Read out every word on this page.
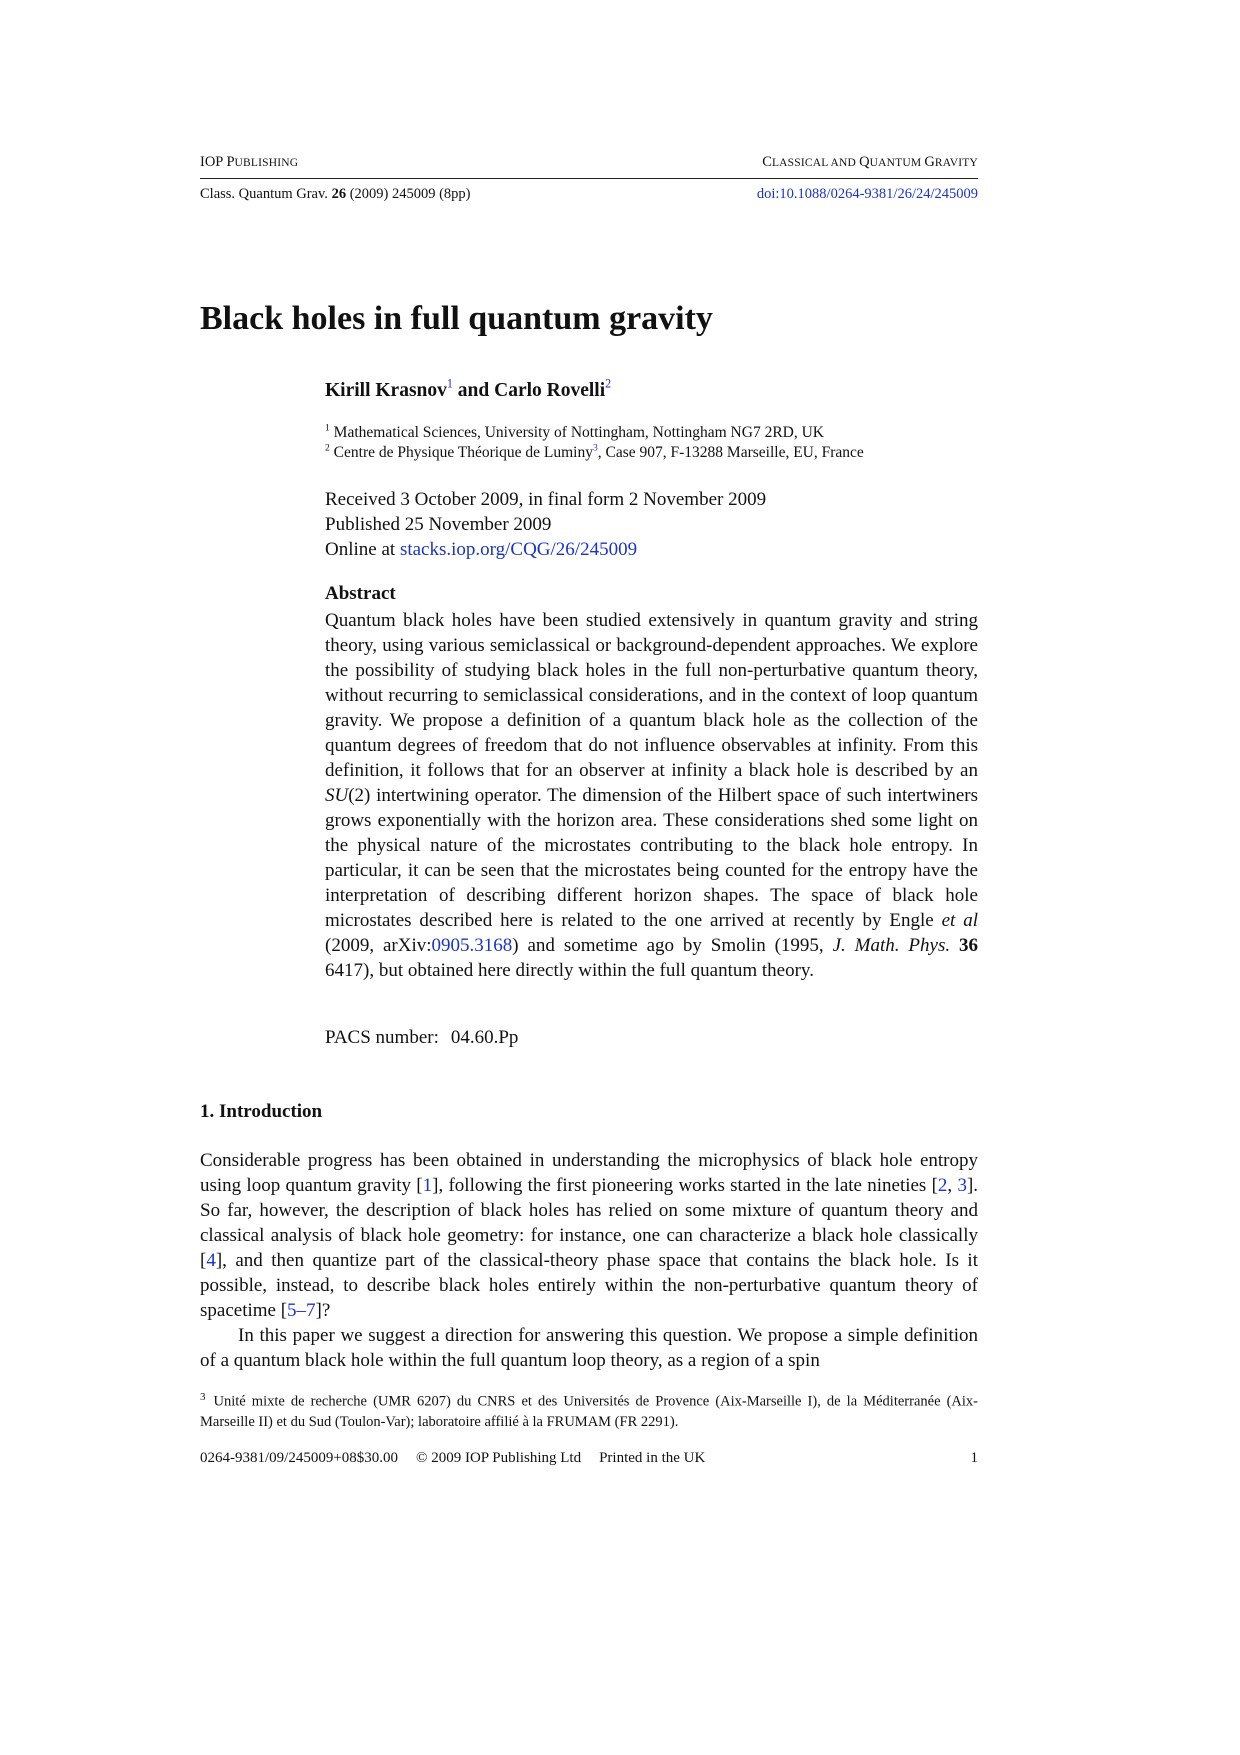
IOP PUBLISHING	CLASSICAL AND QUANTUM GRAVITY
Class. Quantum Grav. 26 (2009) 245009 (8pp)	doi:10.1088/0264-9381/26/24/245009
Black holes in full quantum gravity
Kirill Krasnov$^1$ and Carlo Rovelli$^2$
$^1$ Mathematical Sciences, University of Nottingham, Nottingham NG7 2RD, UK
$^2$ Centre de Physique Théorique de Luminy$^3$, Case 907, F-13288 Marseille, EU, France
Received 3 October 2009, in final form 2 November 2009
Published 25 November 2009
Online at stacks.iop.org/CQG/26/245009
Abstract
Quantum black holes have been studied extensively in quantum gravity and string theory, using various semiclassical or background-dependent approaches. We explore the possibility of studying black holes in the full non-perturbative quantum theory, without recurring to semiclassical considerations, and in the context of loop quantum gravity. We propose a definition of a quantum black hole as the collection of the quantum degrees of freedom that do not influence observables at infinity. From this definition, it follows that for an observer at infinity a black hole is described by an SU(2) intertwining operator. The dimension of the Hilbert space of such intertwiners grows exponentially with the horizon area. These considerations shed some light on the physical nature of the microstates contributing to the black hole entropy. In particular, it can be seen that the microstates being counted for the entropy have the interpretation of describing different horizon shapes. The space of black hole microstates described here is related to the one arrived at recently by Engle et al (2009, arXiv:0905.3168) and sometime ago by Smolin (1995, J. Math. Phys. 36 6417), but obtained here directly within the full quantum theory.
PACS number: 04.60.Pp
1. Introduction

Considerable progress has been obtained in understanding the microphysics of black hole entropy using loop quantum gravity [1], following the first pioneering works started in the late nineties [2, 3]. So far, however, the description of black holes has relied on some mixture of quantum theory and classical analysis of black hole geometry: for instance, one can characterize a black hole classically [4], and then quantize part of the classical-theory phase space that contains the black hole. Is it possible, instead, to describe black holes entirely within the non-perturbative quantum theory of spacetime [5–7]?

In this paper we suggest a direction for answering this question. We propose a simple definition of a quantum black hole within the full quantum loop theory, as a region of a spin

$^3$ Unité mixte de recherche (UMR 6207) du CNRS et des Universités de Provence (Aix-Marseille I), de la Méditerranée (Aix-Marseille II) et du Sud (Toulon-Var); laboratoire affilié à la FRUMAM (FR 2291).
0264-9381/09/245009+08$30.00 © 2009 IOP Publishing Ltd Printed in the UK	1
